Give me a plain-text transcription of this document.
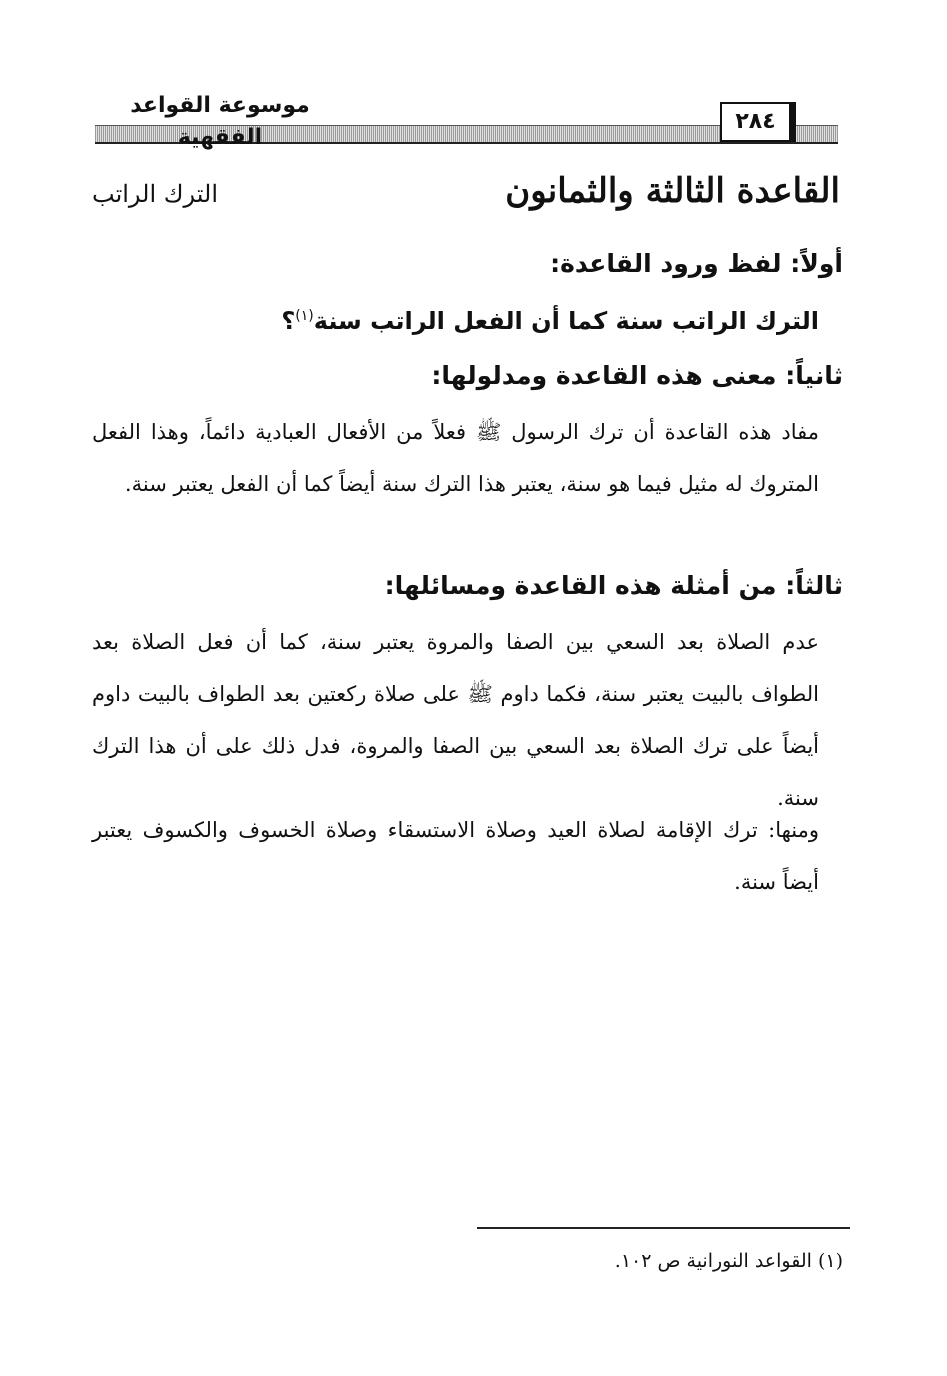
موسوعة القواعد الفقهية
٢٨٤
القاعدة الثالثة والثمانون
الترك الراتب
أولاً: لفظ ورود القاعدة:
الترك الراتب سنة كما أن الفعل الراتب سنة$^{(١)}$؟
ثانياً: معنى هذه القاعدة ومدلولها:
مفاد هذه القاعدة أن ترك الرسول ﷺ فعلاً من الأفعال العبادية دائماً، وهذا الفعل المتروك له مثيل فيما هو سنة، يعتبر هذا الترك سنة أيضاً كما أن الفعل يعتبر سنة.
ثالثاً: من أمثلة هذه القاعدة ومسائلها:
عدم الصلاة بعد السعي بين الصفا والمروة يعتبر سنة، كما أن فعل الصلاة بعد الطواف بالبيت يعتبر سنة، فكما داوم ﷺ على صلاة ركعتين بعد الطواف بالبيت داوم أيضاً على ترك الصلاة بعد السعي بين الصفا والمروة، فدل ذلك على أن هذا الترك سنة.
ومنها: ترك الإقامة لصلاة العيد وصلاة الاستسقاء وصلاة الخسوف والكسوف يعتبر أيضاً سنة.
(١) القواعد النورانية ص ١٠٢.
